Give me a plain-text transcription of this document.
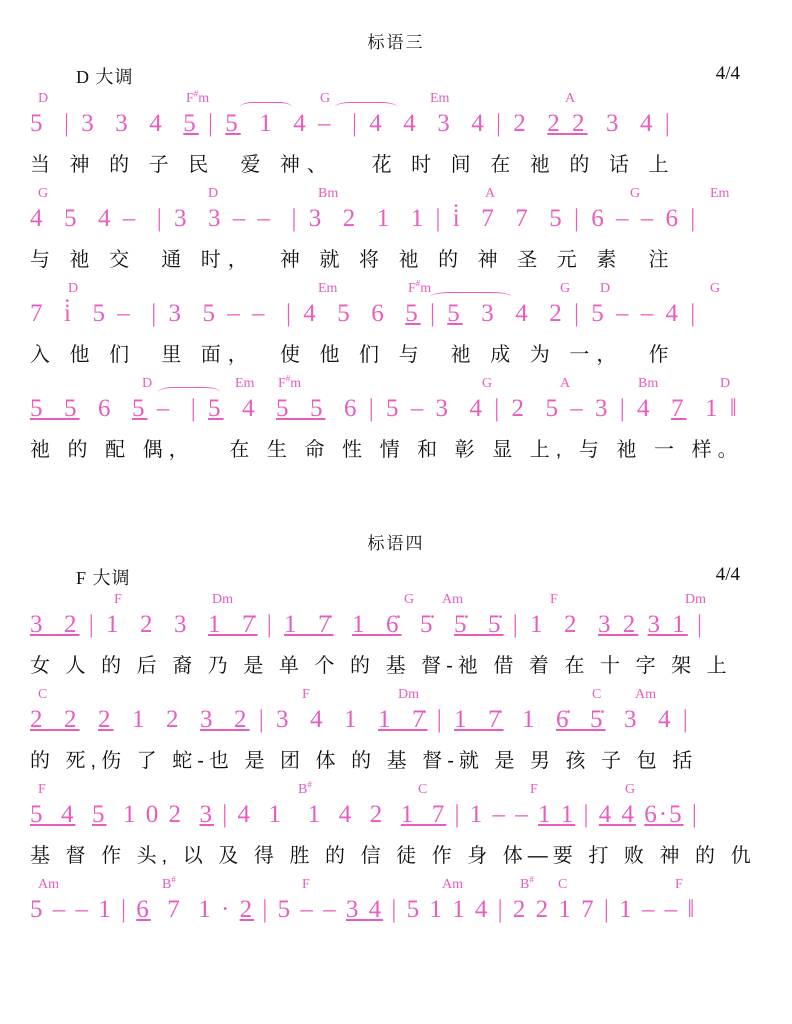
标语三
D 大调	4/4
D	F#m	G	Em	A
5  | 3  3  4  5 | 5  1  4 –  | 4  4  3  4 | 2  2 2  3  4 |
当 神 的 子 民  爱 神、   花 时 间 在 祂 的 话 上
G	D	Bm	A	G	Em
4  5  4 –  | 3  3 – –  | 3  2  1  1 | i̇  7  7  5 | 6 – – 6 |
与 祂 交  通 时，  神 就 将 祂 的 神 圣 元 素  注
D	Em	F#m	G D	G
7  i̇  5 –  | 3  5 – –  | 4  5  6  5 | 5  3  4  2 | 5 – – 4 |
入 他 们  里 面，  使 他 们 与  祂 成 为 一，  作
D	Em F#m	G	A	Bm	D
5  5  6  5 –  | 5  4  5  5  6 | 5 – 3  4 | 2  5 – 3 | 4  7  1 ‖
祂 的 配 偶，   在 生 命 性 情 和 彰 显 上, 与 祂 一 样。
标语四
F 大调	4/4
F	Dm	G Am	F	Dm
3  2 | 1  2  3  1  7̇ | 1  7̇ 1  6̇  5̇  5̇  5̇ | 1  2  3 2 3 1 |
女 人 的 后 裔 乃 是 单 个 的 基 督-祂 借 着 在 十 字 架 上
C	F	Dm	C Am
2  2 2  1  2  3  2 | 3  4  1  1  7̇ | 1  7̇  1  6̇  5̇  3  4 |
的 死,伤 了 蛇-也 是 团 体 的 基 督-就 是 男 孩 子 包 括
F	B#	C	F	G
5  4 5  1 0 2  3 | 4  1   1  4  2  1  7 | 1 – – 1 1 | 4 4 6·5 |
基 督 作 头, 以 及 得 胜 的 信 徒 作 身 体—要 打 败 神 的 仇
Am	B#	F	Am	B# C	F
5 – – 1 | 6  7  1 · 2 | 5 – – 3 4 | 5 1 1 4 | 2 2 1 7 | 1 – – ‖
